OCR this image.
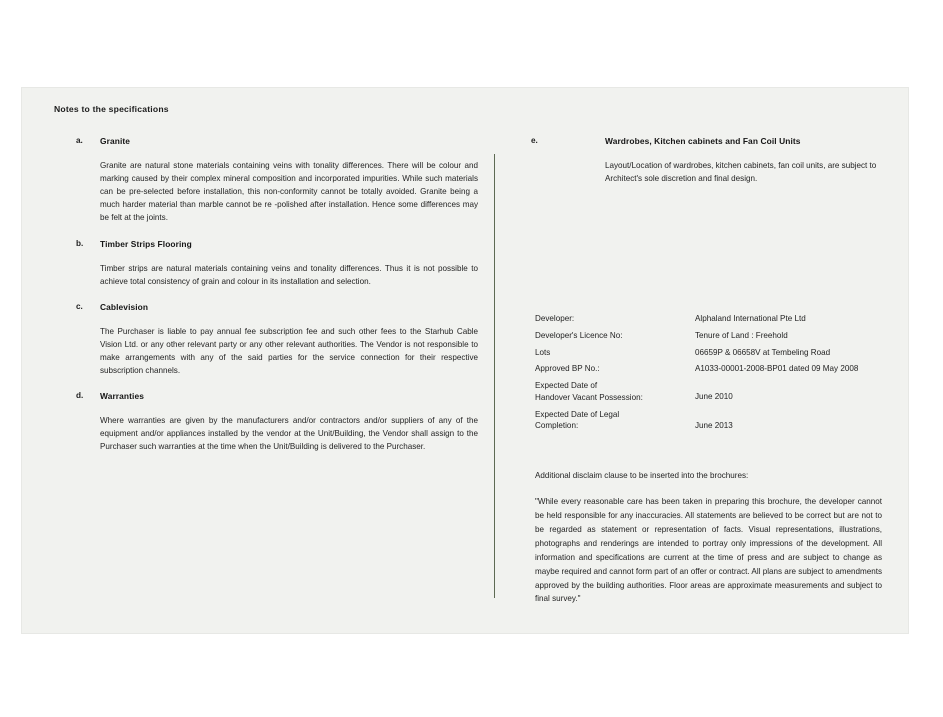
Notes to the specifications
a.	Granite
Granite are natural stone materials containing veins with tonality differences. There will be colour and marking caused by their complex mineral composition and incorporated impurities. While such materials can be pre-selected before installation, this non-conformity cannot be totally avoided. Granite being a much harder material than marble cannot be re -polished after installation. Hence some differences may be felt at the joints.
b.	Timber Strips Flooring
Timber strips are natural materials containing veins and tonality differences. Thus it is not possible to achieve total consistency of grain and colour in its installation and selection.
c.	Cablevision
The Purchaser is liable to pay annual fee subscription fee and such other fees to the Starhub Cable Vision Ltd. or any other relevant party or any other relevant authorities. The Vendor is not responsible to make arrangements with any of the said parties for the service connection for their respective subscription channels.
d.	Warranties
Where warranties are given by the manufacturers and/or contractors and/or suppliers of any of the equipment and/or appliances installed by the vendor at the Unit/Building, the Vendor shall assign to the Purchaser such warranties at the time when the Unit/Building is delivered to the Purchaser.
e.	Wardrobes, Kitchen cabinets and Fan Coil Units
Layout/Location of wardrobes, kitchen cabinets, fan coil units, are subject to Architect's sole discretion and final design.
Developer:	Alphaland International Pte Ltd
Developer's Licence No:	Tenure of Land : Freehold
Lots	06659P & 06658V at Tembeling Road
Approved BP No.:	A1033-00001-2008-BP01 dated 09 May 2008

Expected Date of
Handover Vacant Possession:	June 2010

Expected Date of Legal
Completion:	June 2013
Additional disclaim clause to be inserted into the brochures:
"While every reasonable care has been taken in preparing this brochure, the developer cannot be held responsible for any inaccuracies. All statements are believed to be correct but are not to be regarded as statement or representation of facts. Visual representations, illustrations, photographs and renderings are intended to portray only impressions of the development. All information and specifications are current at the time of press and are subject to change as maybe required and cannot form part of an offer or contract. All plans are subject to amendments approved by the building authorities. Floor areas are approximate measurements and subject to final survey."
